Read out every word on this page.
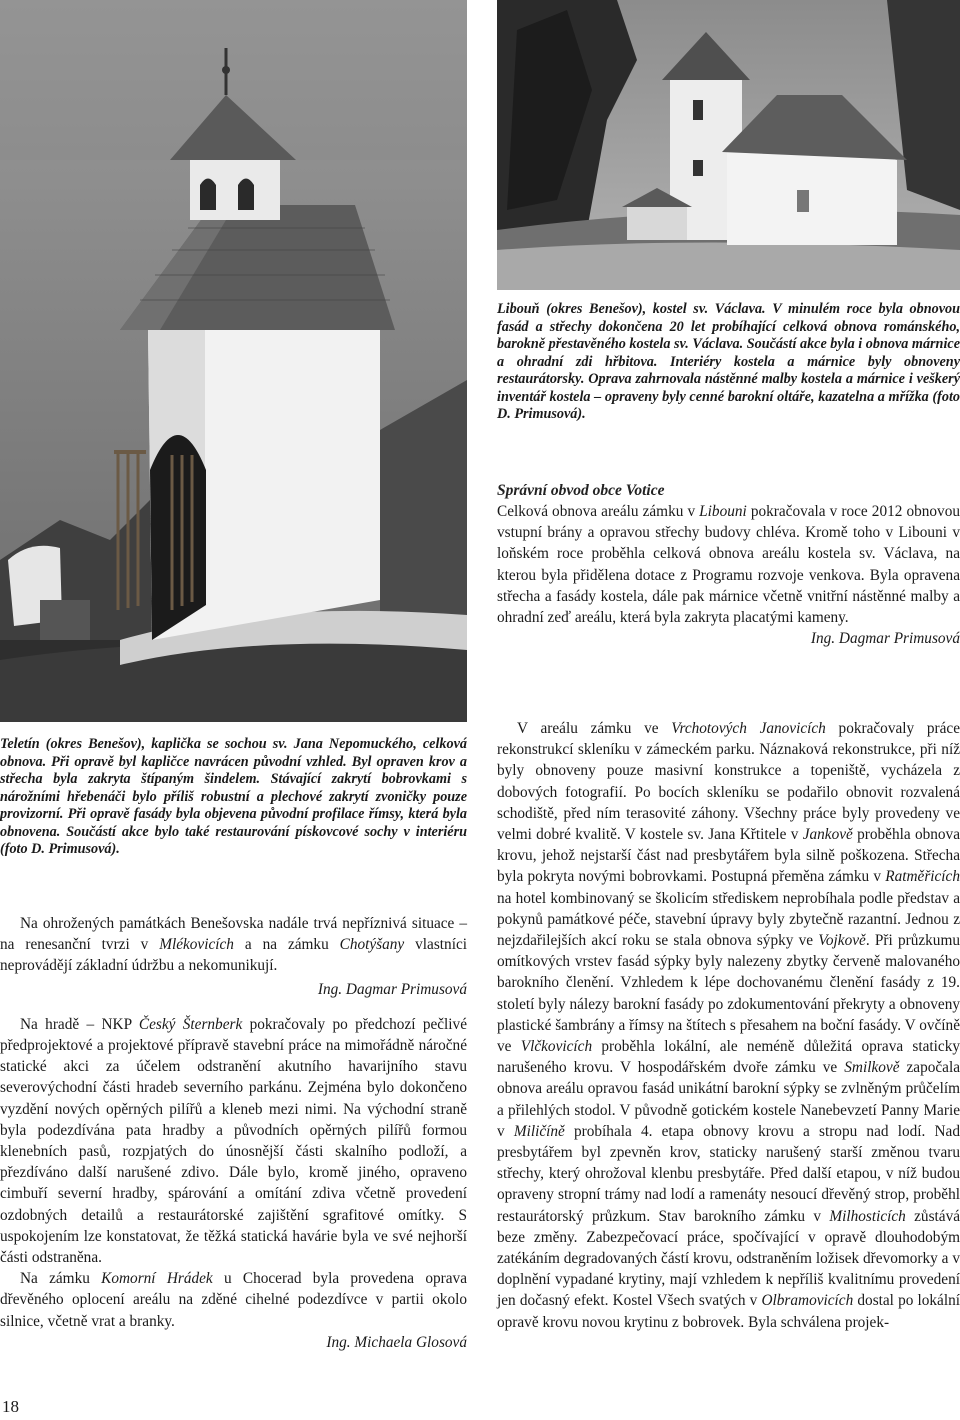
Libouň (okres Benešov), kostel sv. Václava. V minulém roce byla obnovou fasád a střechy dokončena 20 let probíhající celková obnova románského, barokně přestavěného kostela sv. Václava. Součástí akce byla i obnova márnice a ohradní zdi hřbitova. Interiéry kostela a márnice byly obnoveny restaurátorsky. Oprava zahrnovala nástěnné malby kostela a márnice i veškerý inventář kostela – opraveny byly cenné barokní oltáře, kazatelna a mřížka (foto D. Primusová).

Správní obvod obce Votice

Celková obnova areálu zámku v Libouni pokračovala v roce 2012 obnovou vstupní brány a opravou střechy budovy chléva. Kromě toho v Libouni v loňském roce proběhla celková obnova areálu kostela sv. Václava, na kterou byla přidělena dotace z Programu rozvoje venkova. Byla opravena střecha a fasády kostela, dále pak márnice včetně vnitřní nástěnné malby a ohradní zeď areálu, která byla zakryta placatými kameny.

Ing. Dagmar Primusová

Teletín (okres Benešov), kaplička se sochou sv. Jana Nepomuckého, celková obnova. Při opravě byl kapličce navrácen původní vzhled. Byl opraven krov a střecha byla zakryta štípaným šindelem. Stávající zakrytí bobrovkami s nárožními hřebenáči bylo příliš robustní a plechové zakrytí zvoničky pouze provizorní. Při opravě fasády byla objevena původní profilace římsy, která byla obnovena. Součástí akce bylo také restaurování pískovcové sochy v interiéru (foto D. Primusová).

Na ohrožených památkách Benešovska nadále trvá nepříznivá situace – na renesanční tvrzi v Mlékovicích a na zámku Chotýšany vlastníci neprovádějí základní údržbu a nekomunikují.

Ing. Dagmar Primusová

Na hradě – NKP Český Šternberk pokračovaly po předchozí pečlivé předprojektové a projektové přípravě stavební práce na mimořádně náročné statické akci za účelem odstranění akutního havarijního stavu severovýchodní části hradeb severního parkánu. Zejména bylo dokončeno vyzdění nových opěrných pilířů a kleneb mezi nimi. Na východní straně byla podezdívána pata hradby a původních opěrných pilířů formou klenebních pasů, rozpjatých do únosnější části skalního podloží, a přezdíváno další narušené zdivo. Dále bylo, kromě jiného, opraveno cimbuří severní hradby, spárování a omítání zdiva včetně provedení ozdobných detailů a restaurátorské zajištění sgrafitové omítky. S uspokojením lze konstatovat, že těžká statická havárie byla ve své nejhorší části odstraněna.

Na zámku Komorní Hrádek u Chocerad byla provedena oprava dřevěného oplocení areálu na zděné cihelné podezdívce v partii okolo silnice, včetně vrat a branky.

Ing. Michaela Glosová

V areálu zámku ve Vrchotových Janovicích pokračovaly práce rekonstrukcí skleníku v zámeckém parku. Náznaková rekonstrukce, při níž byly obnoveny pouze masivní konstrukce a topeniště, vycházela z dobových fotografií. Po bocích skleníku se podařilo obnovit rozvalená schodiště, před ním terasovité záhony. Všechny práce byly provedeny ve velmi dobré kvalitě. V kostele sv. Jana Křtitele v Jankově proběhla obnova krovu, jehož nejstarší část nad presbytářem byla silně poškozena. Střecha byla pokryta novými bobrovkami. Postupná přeměna zámku v Ratměřicích na hotel kombinovaný se školicím střediskem neprobíhala podle představ a pokynů památkové péče, stavební úpravy byly zbytečně razantní. Jednou z nejzdařilejších akcí roku se stala obnova sýpky ve Vojkově. Při průzkumu omítkových vrstev fasád sýpky byly nalezeny zbytky červeně malovaného barokního členění. Vzhledem k lépe dochovanému členění fasády z 19. století byly nálezy barokní fasády po zdokumentování překryty a obnoveny plastické šambrány a římsy na štítech s přesahem na boční fasády. V ovčíně ve Vlčkovicích proběhla lokální, ale neméně důležitá oprava staticky narušeného krovu. V hospodářském dvoře zámku ve Smilkově započala obnova areálu opravou fasád unikátní barokní sýpky se zvlněným průčelím a přilehlých stodol. V původně gotickém kostele Nanebevzetí Panny Marie v Miličíně probíhala 4. etapa obnovy krovu a stropu nad lodí. Nad presbytářem byl zpevněn krov, staticky narušený starší změnou tvaru střechy, který ohrožoval klenbu presbytáře. Před další etapou, v níž budou opraveny stropní trámy nad lodí a ramenáty nesoucí dřevěný strop, proběhl restaurátorský průzkum. Stav barokního zámku v Milhosticích zůstává beze změny. Zabezpečovací práce, spočívající v opravě dlouhodobým zatékáním degradovaných částí krovu, odstraněním ložisek dřevomorky a v doplnění vypadané krytiny, mají vzhledem k nepříliš kvalitnímu provedení jen dočasný efekt. Kostel Všech svatých v Olbramovicích dostal po lokální opravě krovu novou krytinu z bobrovek. Byla schválena projek-

18
